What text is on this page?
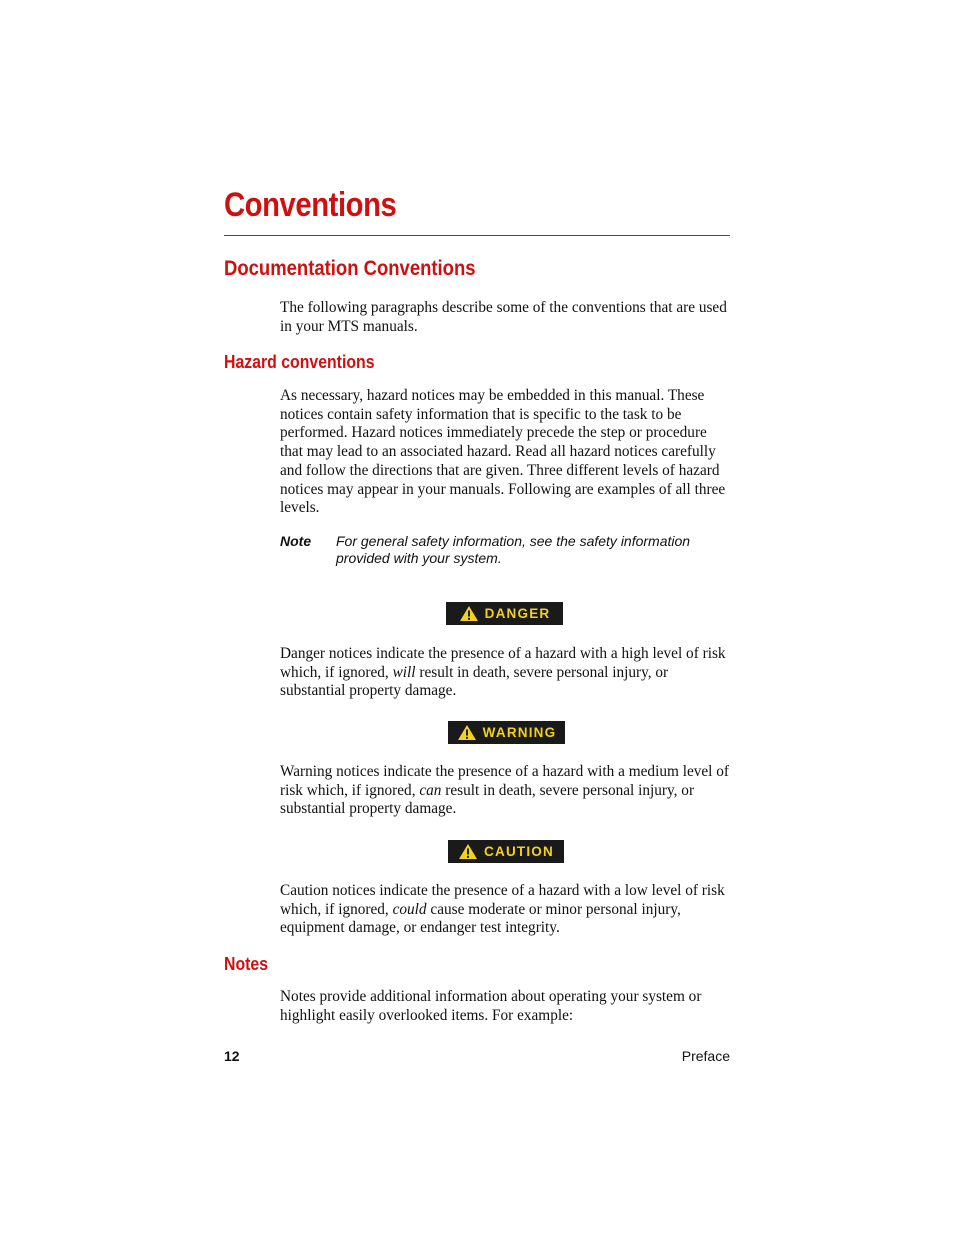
Conventions
Documentation Conventions
The following paragraphs describe some of the conventions that are used in your MTS manuals.
Hazard conventions
As necessary, hazard notices may be embedded in this manual. These notices contain safety information that is specific to the task to be performed. Hazard notices immediately precede the step or procedure that may lead to an associated hazard. Read all hazard notices carefully and follow the directions that are given. Three different levels of hazard notices may appear in your manuals. Following are examples of all three levels.
Note For general safety information, see the safety information provided with your system.
DANGER
Danger notices indicate the presence of a hazard with a high level of risk which, if ignored, will result in death, severe personal injury, or substantial property damage.
WARNING
Warning notices indicate the presence of a hazard with a medium level of risk which, if ignored, can result in death, severe personal injury, or substantial property damage.
CAUTION
Caution notices indicate the presence of a hazard with a low level of risk which, if ignored, could cause moderate or minor personal injury, equipment damage, or endanger test integrity.
Notes
Notes provide additional information about operating your system or highlight easily overlooked items. For example:
12	Preface
